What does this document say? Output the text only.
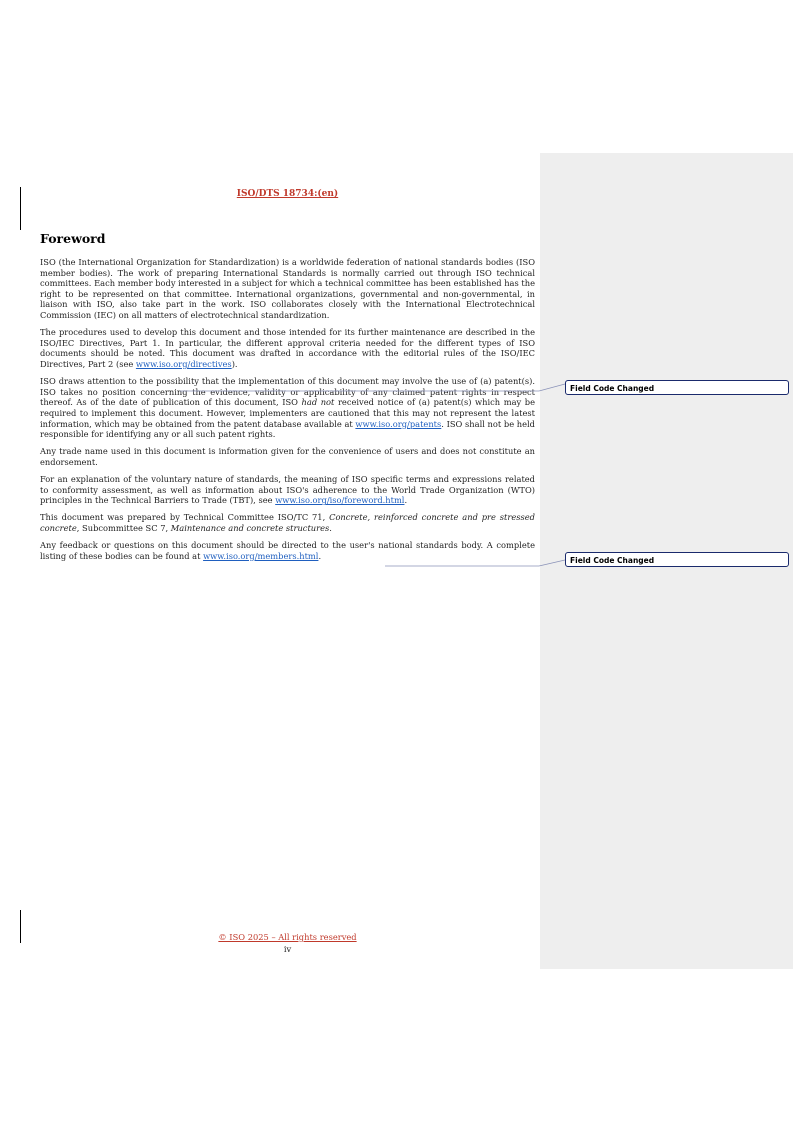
ISO/DTS 18734:(en)
Foreword

ISO (the International Organization for Standardization) is a worldwide federation of national standards bodies (ISO member bodies). The work of preparing International Standards is normally carried out through ISO technical committees. Each member body interested in a subject for which a technical committee has been established has the right to be represented on that committee. International organizations, governmental and non-governmental, in liaison with ISO, also take part in the work. ISO collaborates closely with the International Electrotechnical Commission (IEC) on all matters of electrotechnical standardization.

The procedures used to develop this document and those intended for its further maintenance are described in the ISO/IEC Directives, Part 1. In particular, the different approval criteria needed for the different types of ISO documents should be noted. This document was drafted in accordance with the editorial rules of the ISO/IEC Directives, Part 2 (see www.iso.org/directives).

ISO draws attention to the possibility that the implementation of this document may involve the use of (a) patent(s). ISO takes no position concerning the evidence, validity or applicability of any claimed patent rights in respect thereof. As of the date of publication of this document, ISO had not received notice of (a) patent(s) which may be required to implement this document. However, implementers are cautioned that this may not represent the latest information, which may be obtained from the patent database available at www.iso.org/patents. ISO shall not be held responsible for identifying any or all such patent rights.

Any trade name used in this document is information given for the convenience of users and does not constitute an endorsement.

For an explanation of the voluntary nature of standards, the meaning of ISO specific terms and expressions related to conformity assessment, as well as information about ISO's adherence to the World Trade Organization (WTO) principles in the Technical Barriers to Trade (TBT), see www.iso.org/iso/foreword.html.

This document was prepared by Technical Committee ISO/TC 71, Concrete, reinforced concrete and pre stressed concrete, Subcommittee SC 7, Maintenance and concrete structures.

Any feedback or questions on this document should be directed to the user's national standards body. A complete listing of these bodies can be found at www.iso.org/members.html.

© ISO 2025 – All rights reserved
iv
Field Code Changed
Field Code Changed
